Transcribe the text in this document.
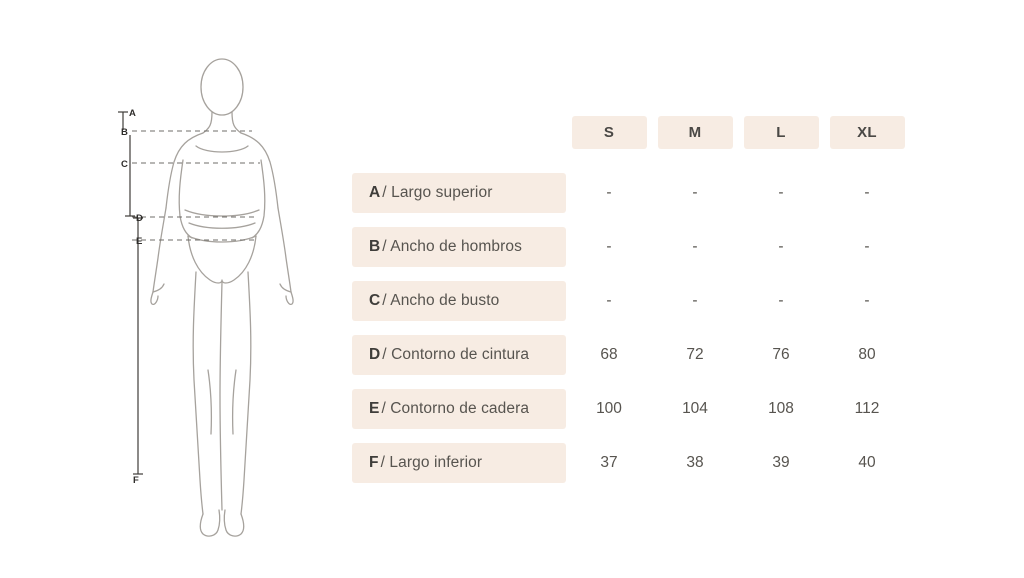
A
B
C
D
E
F
S	M	L	XL
A / Largo superior	-	-	-	-
B / Ancho de hombros	-	-	-	-
C / Ancho de busto	-	-	-	-
D / Contorno de cintura	68	72	76	80
E / Contorno de cadera	100	104	108	112
F / Largo inferior	37	38	39	40
